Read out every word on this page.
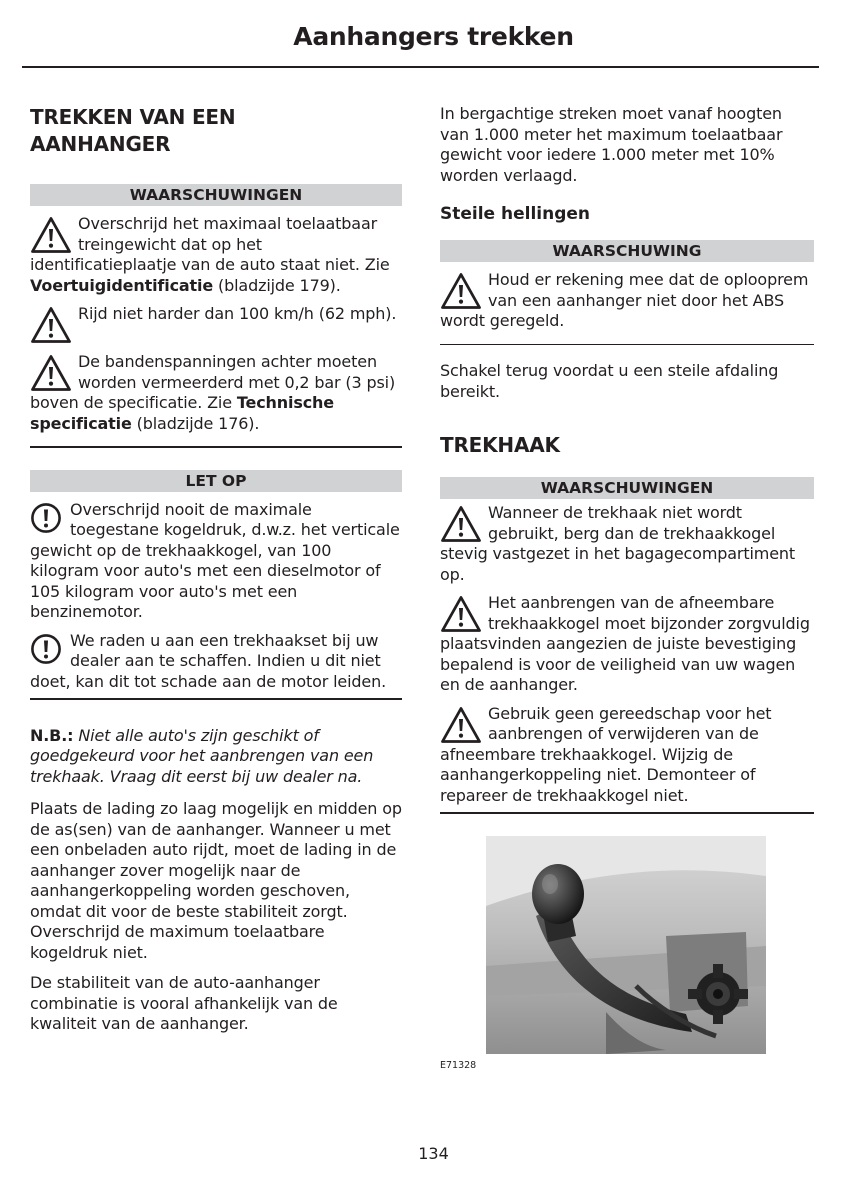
Aanhangers trekken
TREKKEN VAN EEN
AANHANGER
WAARSCHUWINGEN

Overschrijd het maximaal toelaatbaar treingewicht dat op het identificatieplaatje van de auto staat niet. Zie Voertuigidentificatie (bladzijde 179).

Rijd niet harder dan 100 km/h (62 mph).

De bandenspanningen achter moeten worden vermeerderd met 0,2 bar (3 psi) boven de specificatie. Zie Technische specificatie (bladzijde 176).

LET OP

Overschrijd nooit de maximale toegestane kogeldruk, d.w.z. het verticale gewicht op de trekhaakkogel, van 100 kilogram voor auto's met een dieselmotor of 105 kilogram voor auto's met een benzinemotor.

We raden u aan een trekhaakset bij uw dealer aan te schaffen. Indien u dit niet doet, kan dit tot schade aan de motor leiden.

N.B.: Niet alle auto's zijn geschikt of goedgekeurd voor het aanbrengen van een trekhaak. Vraag dit eerst bij uw dealer na.

Plaats de lading zo laag mogelijk en midden op de as(sen) van de aanhanger. Wanneer u met een onbeladen auto rijdt, moet de lading in de aanhanger zover mogelijk naar de aanhangerkoppeling worden geschoven, omdat dit voor de beste stabiliteit zorgt. Overschrijd de maximum toelaatbare kogeldruk niet.

De stabiliteit van de auto-aanhanger combinatie is vooral afhankelijk van de kwaliteit van de aanhanger.

In bergachtige streken moet vanaf hoogten van 1.000 meter het maximum toelaatbaar gewicht voor iedere 1.000 meter met 10% worden verlaagd.

Steile hellingen
WAARSCHUWING

Houd er rekening mee dat de oplooprem van een aanhanger niet door het ABS wordt geregeld.

Schakel terug voordat u een steile afdaling bereikt.

TREKHAAK
WAARSCHUWINGEN

Wanneer de trekhaak niet wordt gebruikt, berg dan de trekhaakkogel stevig vastgezet in het bagagecompartiment op.

Het aanbrengen van de afneembare trekhaakkogel moet bijzonder zorgvuldig plaatsvinden aangezien de juiste bevestiging bepalend is voor de veiligheid van uw wagen en de aanhanger.

Gebruik geen gereedschap voor het aanbrengen of verwijderen van de afneembare trekhaakkogel. Wijzig de aanhangerkoppeling niet. Demonteer of repareer de trekhaakkogel niet.

E71328
134
